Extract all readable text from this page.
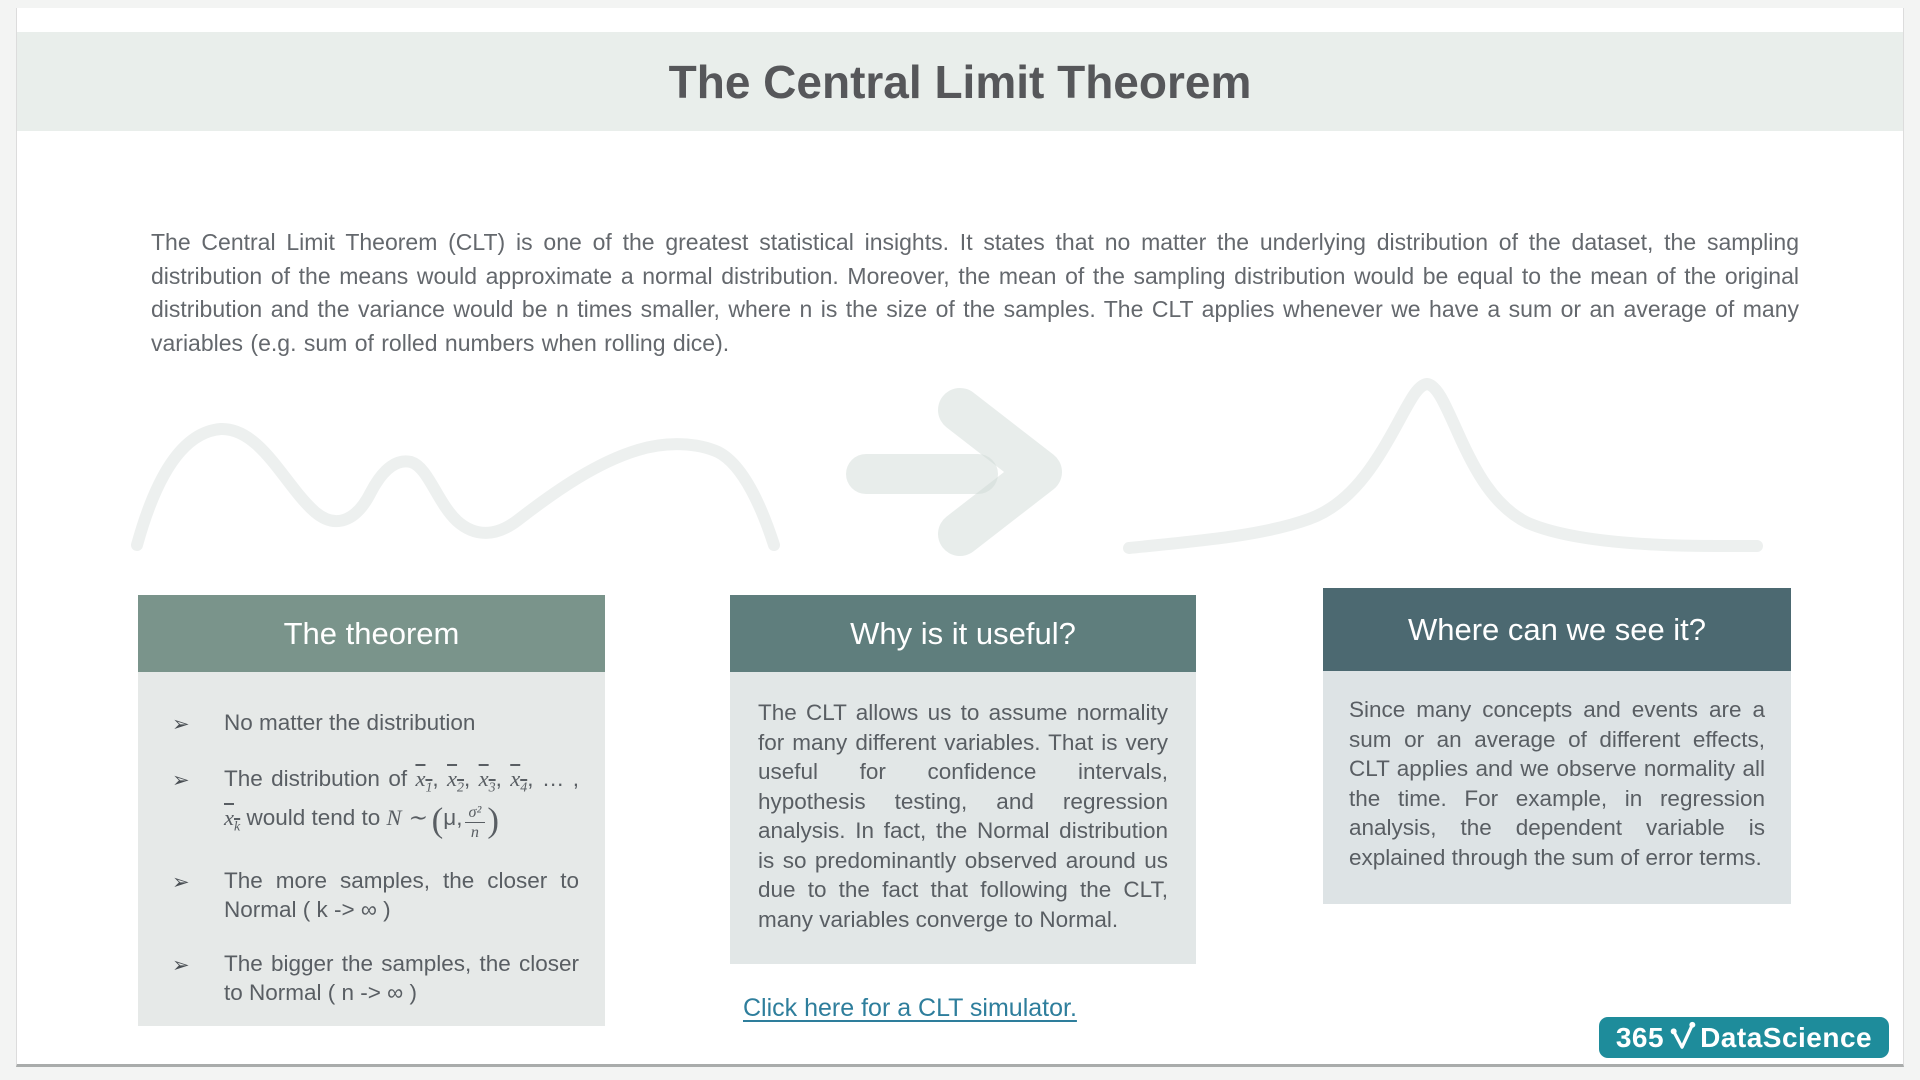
The Central Limit Theorem

The Central Limit Theorem (CLT) is one of the greatest statistical insights. It states that no matter the underlying distribution of the dataset, the sampling distribution of the means would approximate a normal distribution. Moreover, the mean of the sampling distribution would be equal to the mean of the original distribution and the variance would be n times smaller, where n is the size of the samples. The CLT applies whenever we have a sum or an average of many variables (e.g. sum of rolled numbers when rolling dice).

The theorem
➢	No matter the distribution
➢	The distribution of $x_1$, $x_2$, $x_3$, $x_4$, … , $x_k$ would tend to N ∼ (μ, $\frac{\text{σ²}}{n}$ )
➢	The more samples, the closer to Normal ( k -> ∞ )
➢	The bigger the samples, the closer to Normal ( n -> ∞ )
Why is it useful?
The CLT allows us to assume normality for many different variables. That is very useful for confidence intervals, hypothesis testing, and regression analysis. In fact, the Normal distribution is so predominantly observed around us due to the fact that following the CLT, many variables converge to Normal.
Where can we see it?
Since many concepts and events are a sum or an average of different effects, CLT applies and we observe normality all the time. For example, in regression analysis, the dependent variable is explained through the sum of error terms.
Click here for a CLT simulator.
365 DataScience
